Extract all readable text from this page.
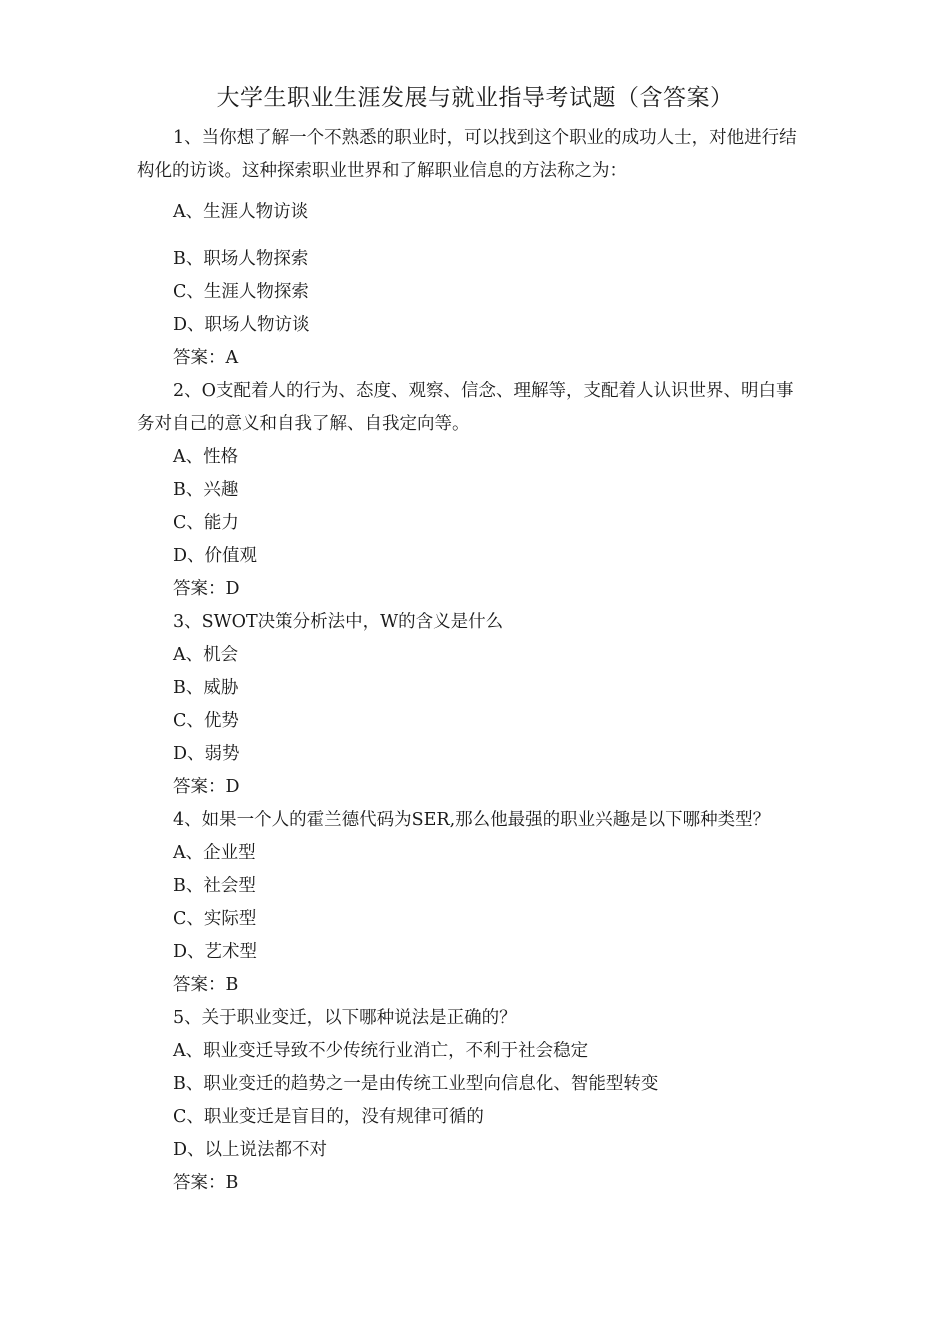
大学生职业生涯发展与就业指导考试题（含答案）

1、当你想了解一个不熟悉的职业时，可以找到这个职业的成功人士，对他进行结构化的访谈。这种探索职业世界和了解职业信息的方法称之为：

A、生涯人物访谈

B、职场人物探索

C、生涯人物探索

D、职场人物访谈

答案：A

2、O支配着人的行为、态度、观察、信念、理解等，支配着人认识世界、明白事务对自己的意义和自我了解、自我定向等。

A、性格

B、兴趣

C、能力

D、价值观

答案：D

3、SWOT决策分析法中，W的含义是什么

A、机会

B、威胁

C、优势

D、弱势

答案：D

4、如果一个人的霍兰德代码为SER,那么他最强的职业兴趣是以下哪种类型？

A、企业型

B、社会型

C、实际型

D、艺术型

答案：B

5、关于职业变迁，以下哪种说法是正确的？

A、职业变迁导致不少传统行业消亡，不利于社会稳定

B、职业变迁的趋势之一是由传统工业型向信息化、智能型转变

C、职业变迁是盲目的，没有规律可循的

D、以上说法都不对

答案：B
